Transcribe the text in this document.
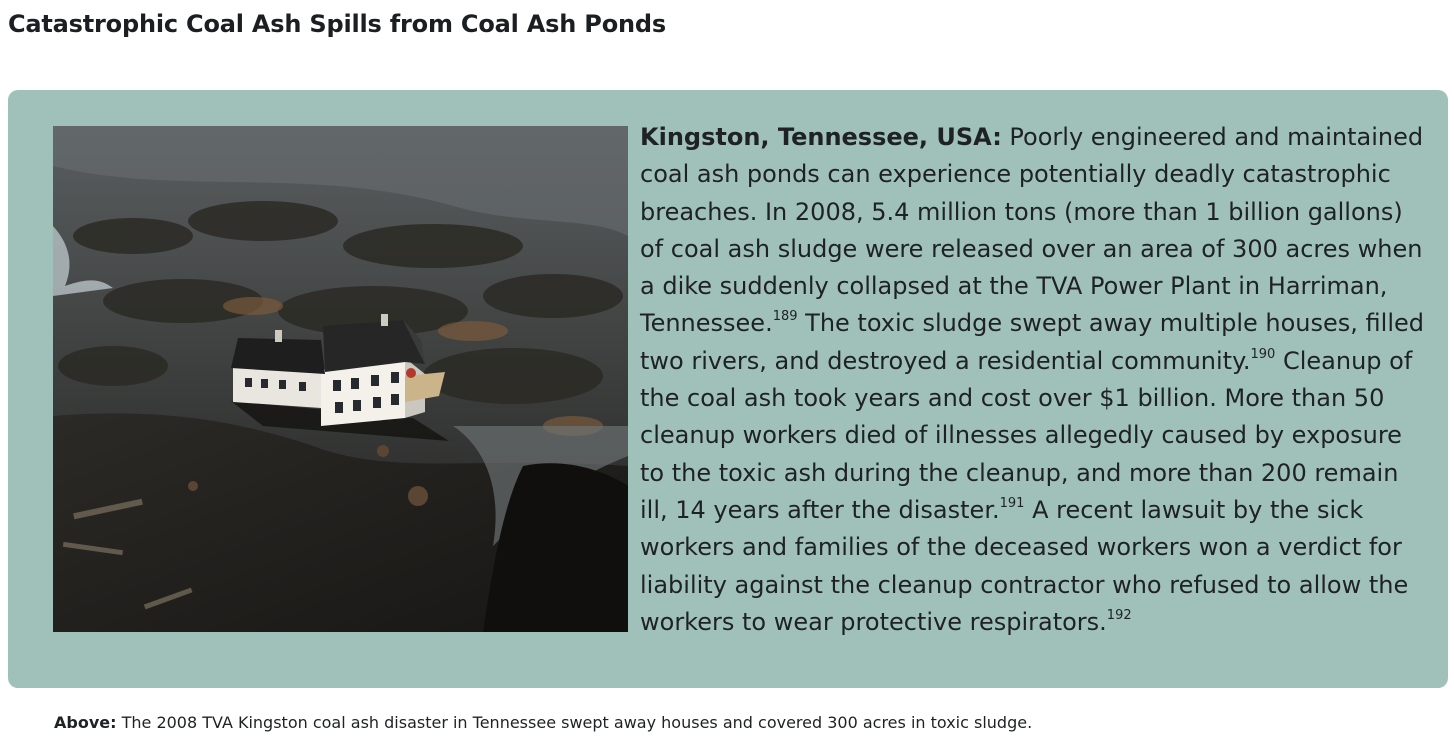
Catastrophic Coal Ash Spills from Coal Ash Ponds

Kingston, Tennessee, USA: Poorly engineered and maintained coal ash ponds can experience potentially deadly catastrophic breaches. In 2008, 5.4 million tons (more than 1 billion gallons) of coal ash sludge were released over an area of 300 acres when a dike suddenly collapsed at the TVA Power Plant in Harriman, Tennessee.$^{189}$ The toxic sludge swept away multiple houses, filled two rivers, and destroyed a residential community.$^{190}$ Cleanup of the coal ash took years and cost over $1 billion. More than 50 cleanup workers died of illnesses allegedly caused by exposure to the toxic ash during the cleanup, and more than 200 remain ill, 14 years after the disaster.$^{191}$ A recent lawsuit by the sick workers and families of the deceased workers won a verdict for liability against the cleanup contractor who refused to allow the workers to wear protective respirators.$^{192}$

Above: The 2008 TVA Kingston coal ash disaster in Tennessee swept away houses and covered 300 acres in toxic sludge.
